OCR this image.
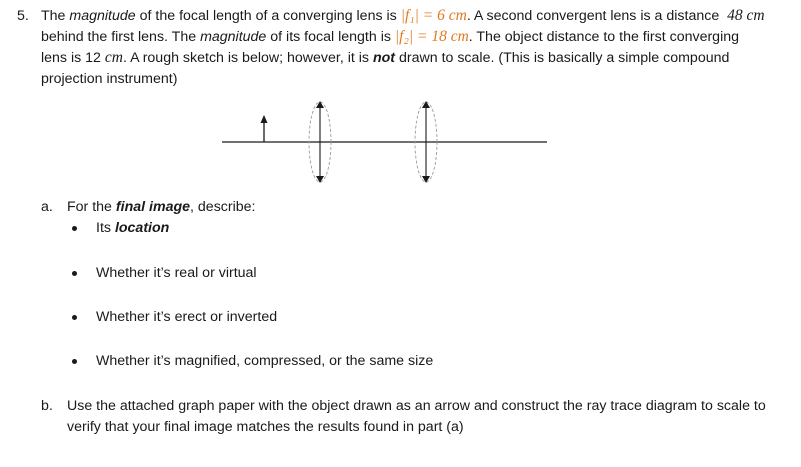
5. The magnitude of the focal length of a converging lens is |f₁| = 6 cm. A second convergent lens is a distance 48 cm
behind the first lens. The magnitude of its focal length is |f₂| = 18 cm. The object distance to the first converging
lens is 12 cm. A rough sketch is below; however, it is not drawn to scale. (This is basically a simple compound
projection instrument)
a. For the final image, describe:
Its location
Whether it’s real or virtual
Whether it’s erect or inverted
Whether it’s magnified, compressed, or the same size
b. Use the attached graph paper with the object drawn as an arrow and construct the ray trace diagram to scale to
verify that your final image matches the results found in part (a)
